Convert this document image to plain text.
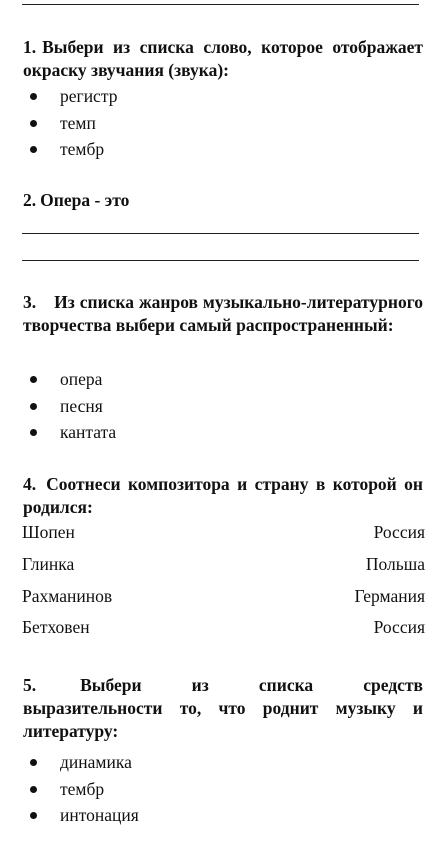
1. Выбери из списка слово, которое отображает окраску звучания (звука):
регистр
темп
тембр
2. Опера - это
3. Из списка жанров музыкально-литературного творчества выбери самый распространенный:
опера
песня
кантата
4. Соотнеси композитора и страну в которой он родился:
Шопен	Россия
Глинка	Польша
Рахманинов	Германия
Бетховен	Россия
5.	Выбери из списка средств выразительности то, что роднит музыку и литературу:
динамика
тембр
интонация
